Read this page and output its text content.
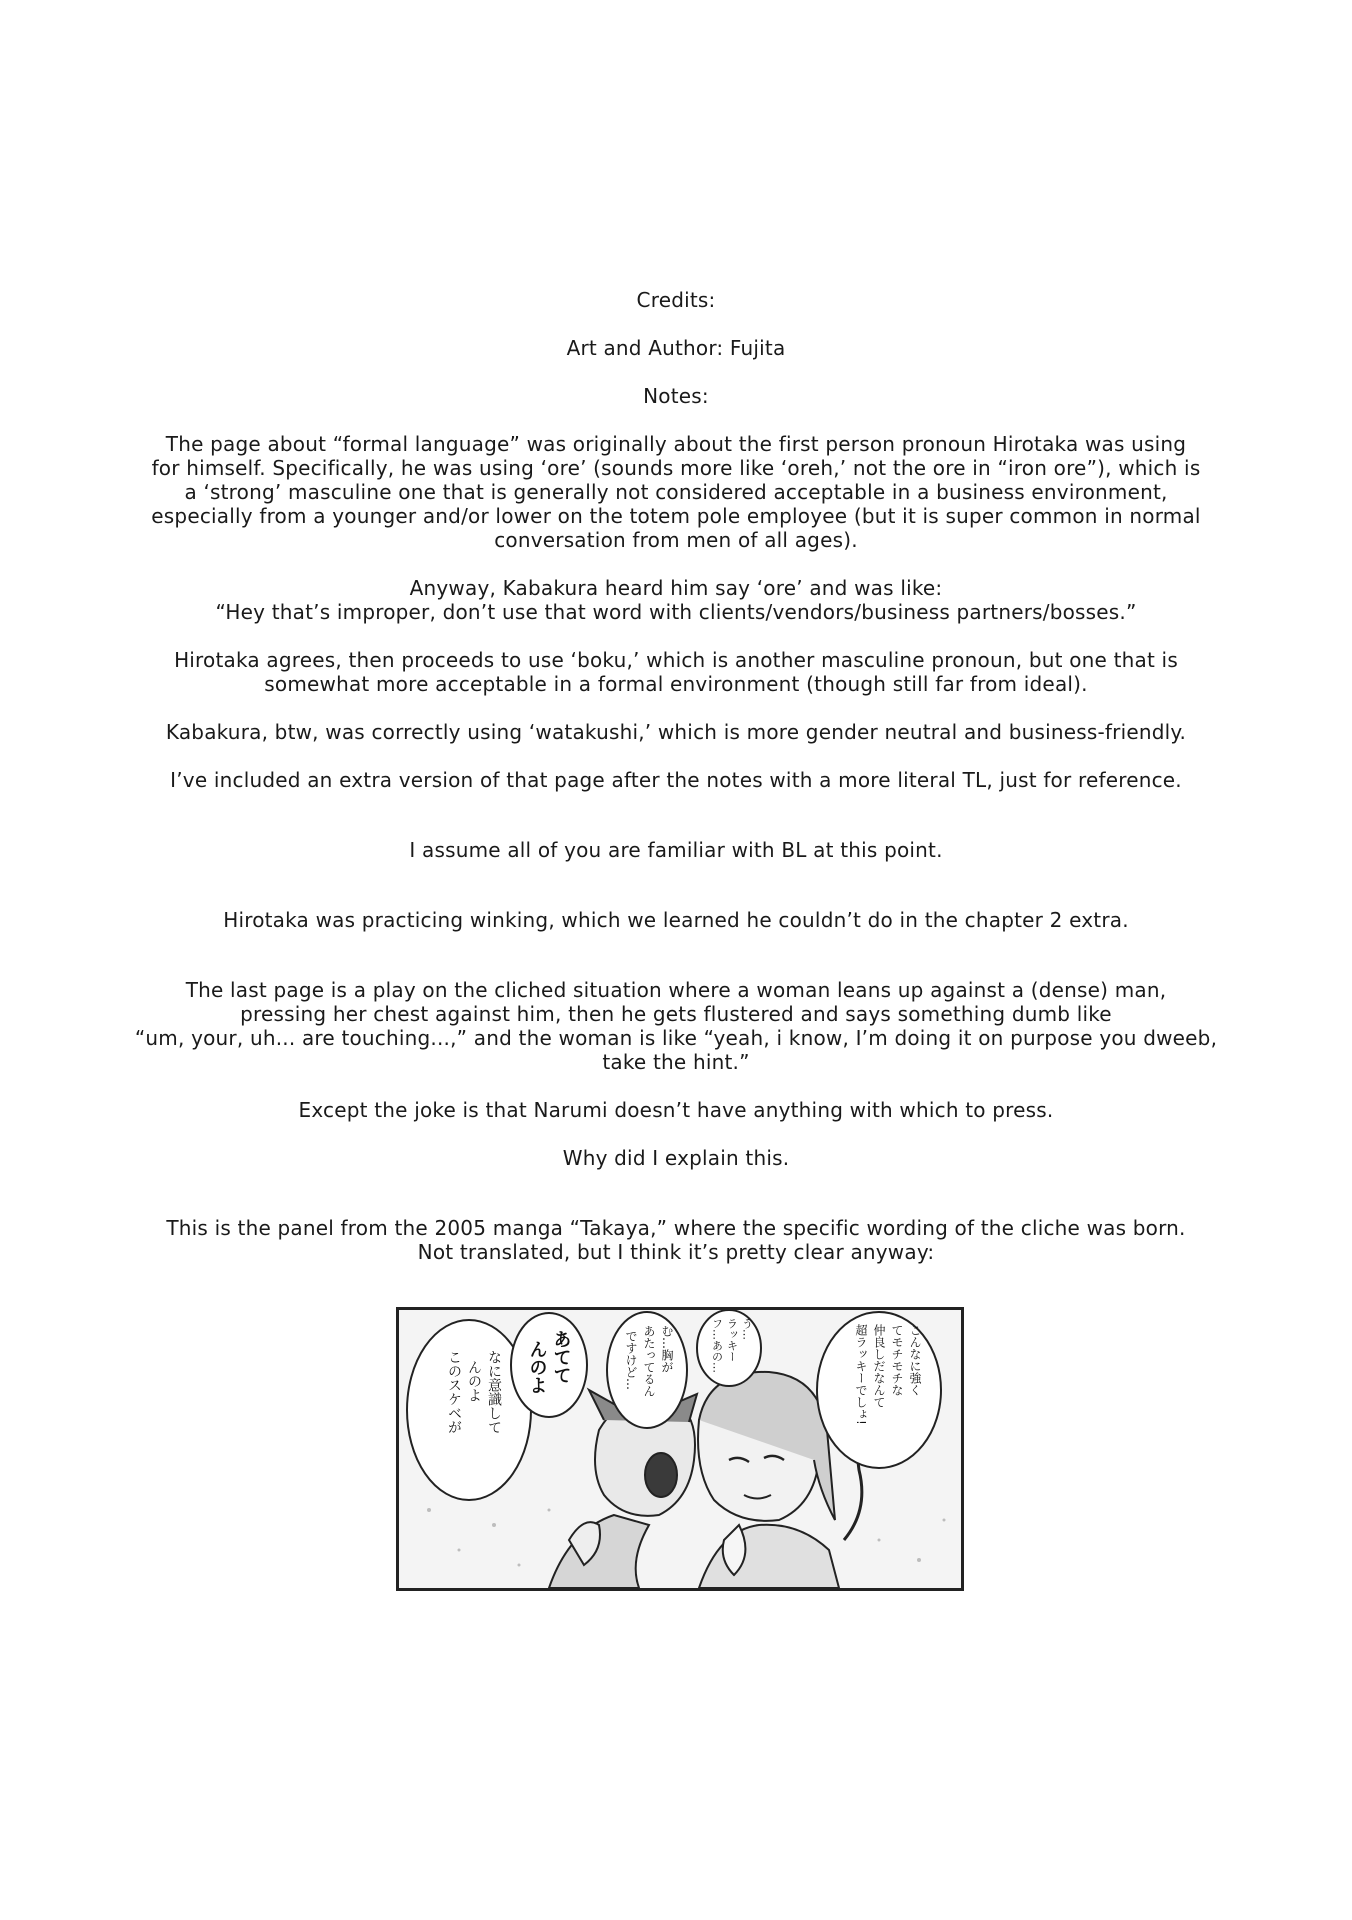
Credits:

Art and Author: Fujita

Notes:

The page about “formal language” was originally about the first person pronoun Hirotaka was using
for himself. Specifically, he was using ‘ore’ (sounds more like ‘oreh,’ not the ore in “iron ore”), which is
a ‘strong’ masculine one that is generally not considered acceptable in a business environment,
especially from a younger and/or lower on the totem pole employee (but it is super common in normal
conversation from men of all ages).

Anyway, Kabakura heard him say ‘ore’ and was like:
“Hey that’s improper, don’t use that word with clients/vendors/business partners/bosses.”

Hirotaka agrees, then proceeds to use ‘boku,’ which is another masculine pronoun, but one that is
somewhat more acceptable in a formal environment (though still far from ideal).

Kabakura, btw, was correctly using ‘watakushi,’ which is more gender neutral and business-friendly.

I’ve included an extra version of that page after the notes with a more literal TL, just for reference.

I assume all of you are familiar with BL at this point.

Hirotaka was practicing winking, which we learned he couldn’t do in the chapter 2 extra.

The last page is a play on the cliched situation where a woman leans up against a (dense) man,
pressing her chest against him, then he gets flustered and says something dumb like
“um, your, uh... are touching...,” and the woman is like “yeah, i know, I’m doing it on purpose you dweeb,
take the hint.”

Except the joke is that Narumi doesn’t have anything with which to press.

Why did I explain this.

This is the panel from the 2005 manga “Takaya,” where the specific wording of the cliche was born.
Not translated, but I think it’s pretty clear anyway:

なに意識して
んのよ
このスケベが	あてて
んのよ	む…胸が
あたってるん
ですけど…
う…
ラッキー
フ…あの…	こんなに強く
てモチモチな
仲良しだなんて
超ラッキーでしょ!
